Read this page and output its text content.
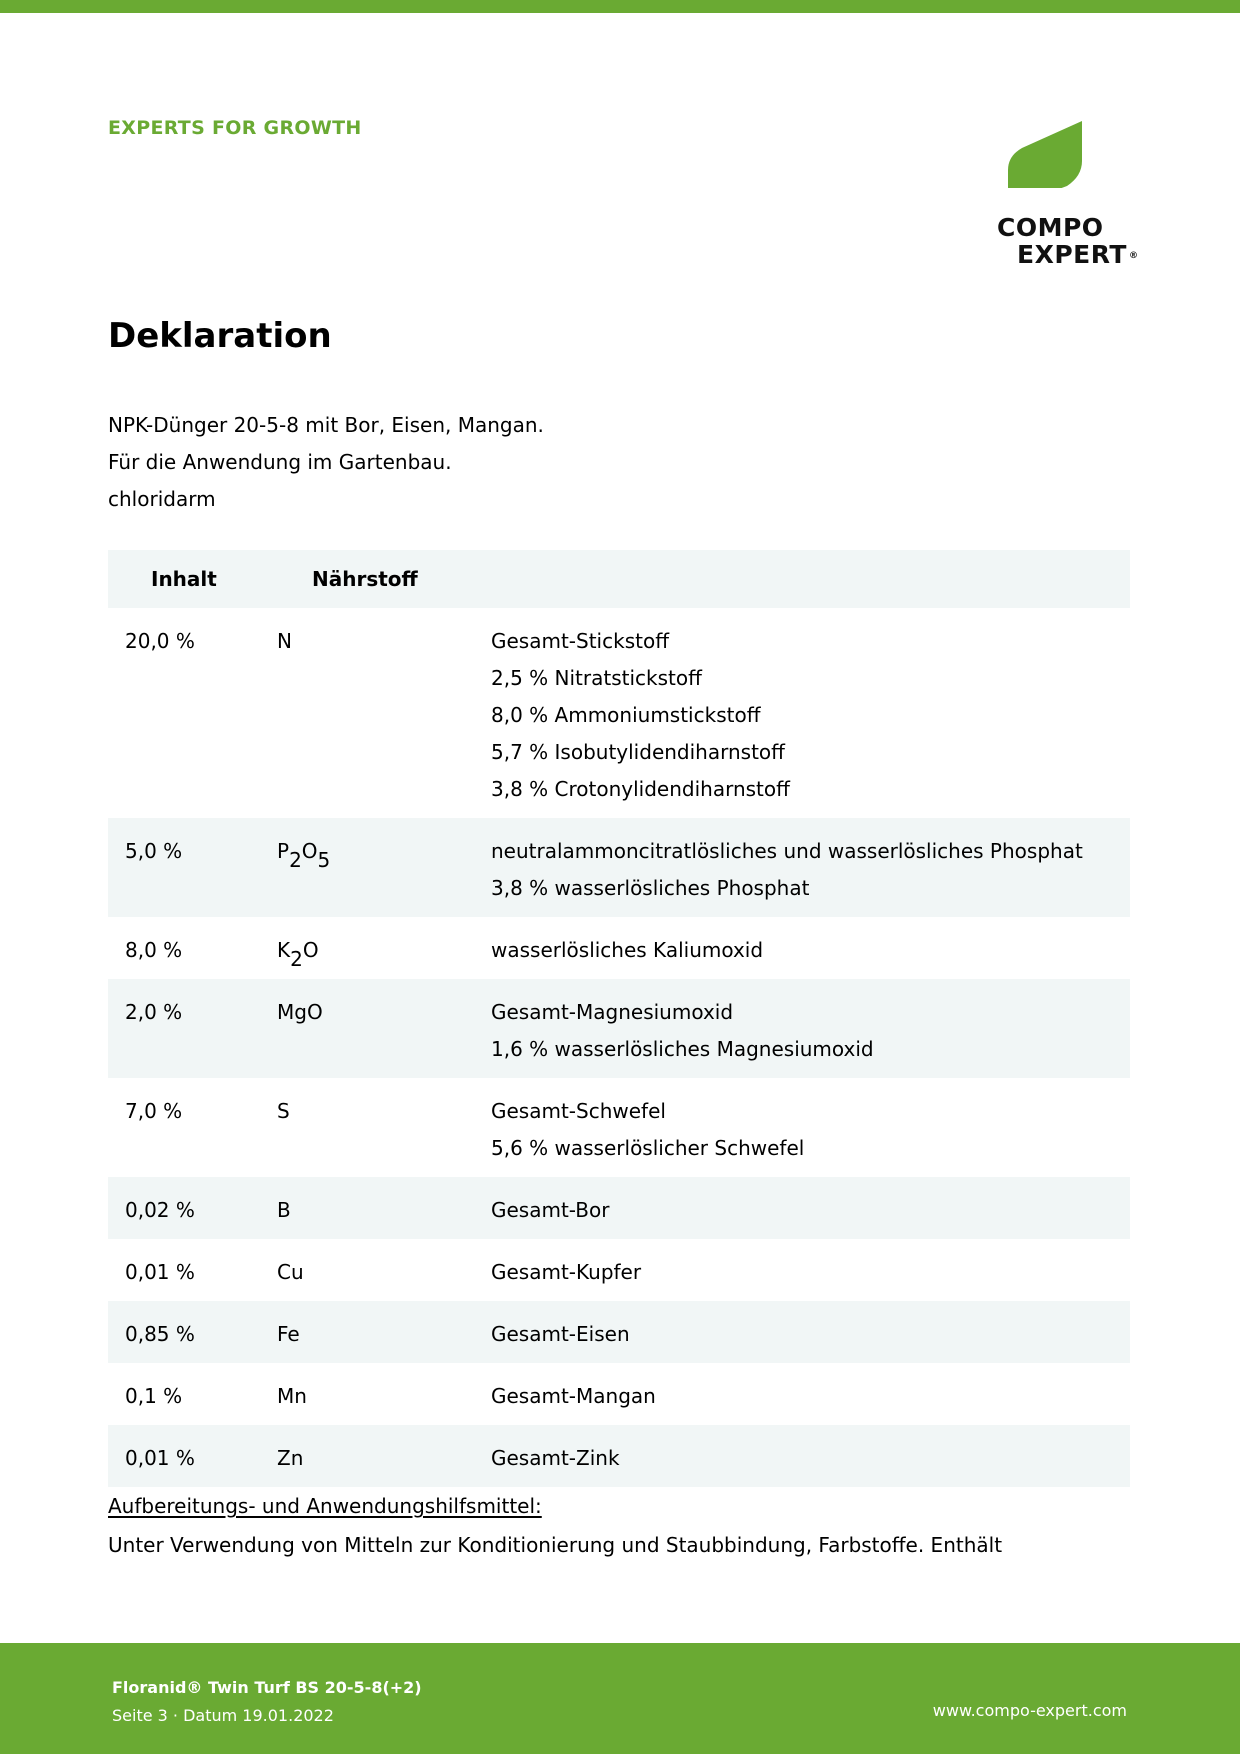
EXPERTS FOR GROWTH
COMPO
EXPERT ®
Deklaration
NPK-Dünger 20-5-8 mit Bor, Eisen, Mangan.
Für die Anwendung im Gartenbau.
chloridarm
Inhalt	Nährstoff	

20,0 %	N	Gesamt-Stickstoff
2,5 % Nitratstickstoff
8,0 % Ammoniumstickstoff
5,7 % Isobutylidendiharnstoff
3,8 % Crotonylidendiharnstoff

5,0 %	$P_2O_5$	neutralammoncitratlösliches und wasserlösliches Phosphat
3,8 % wasserlösliches Phosphat

8,0 %	$K_2O$	wasserlösliches Kaliumoxid

2,0 %	MgO	Gesamt-Magnesiumoxid
1,6 % wasserlösliches Magnesiumoxid

7,0 %	S	Gesamt-Schwefel
5,6 % wasserlöslicher Schwefel

0,02 %	B	Gesamt-Bor

0,01 %	Cu	Gesamt-Kupfer

0,85 %	Fe	Gesamt-Eisen

0,1 %	Mn	Gesamt-Mangan

0,01 %	Zn	Gesamt-Zink
Aufbereitungs- und Anwendungshilfsmittel:
Unter Verwendung von Mitteln zur Konditionierung und Staubbindung, Farbstoffe. Enthält
Floranid® Twin Turf BS 20-5-8(+2)
Seite 3 · Datum 19.01.2022	www.compo-expert.com
